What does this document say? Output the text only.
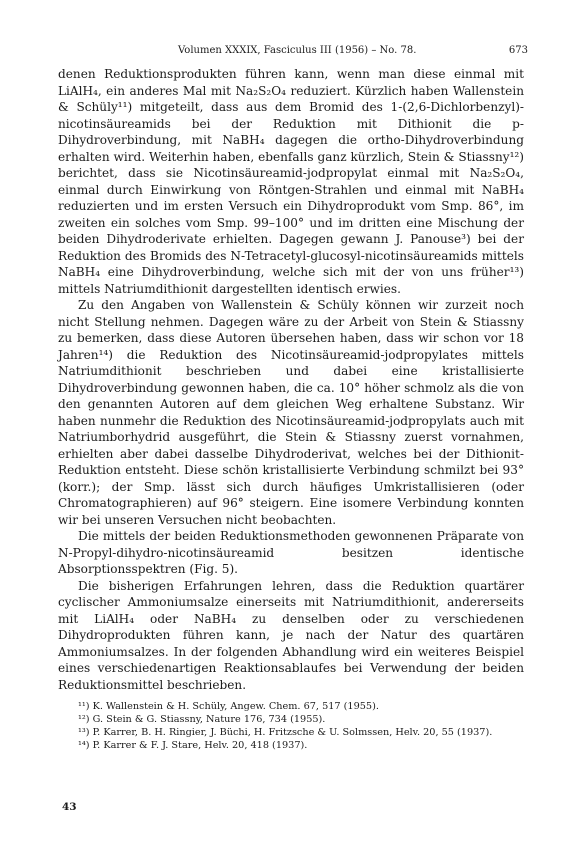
Volumen XXXIX, Fasciculus III (1956) – No. 78.	673

denen Reduktionsprodukten führen kann, wenn man diese einmal mit LiAlH₄, ein anderes Mal mit Na₂S₂O₄ reduziert. Kürzlich haben Wallenstein & Schüly¹¹) mitgeteilt, dass aus dem Bromid des 1-(2,6-Dichlorbenzyl)-nicotinsäureamids bei der Reduktion mit Dithionit die p-Dihydroverbindung, mit NaBH₄ dagegen die ortho-Dihydroverbindung erhalten wird. Weiterhin haben, ebenfalls ganz kürzlich, Stein & Stiassny¹²) berichtet, dass sie Nicotinsäureamid-jodpropylat einmal mit Na₂S₂O₄, einmal durch Einwirkung von Röntgen-Strahlen und einmal mit NaBH₄ reduzierten und im ersten Versuch ein Dihydroprodukt vom Smp. 86°, im zweiten ein solches vom Smp. 99–100° und im dritten eine Mischung der beiden Dihydroderivate erhielten. Dagegen gewann J. Panouse³) bei der Reduktion des Bromids des N-Tetracetyl-glucosyl-nicotinsäureamids mittels NaBH₄ eine Dihydroverbindung, welche sich mit der von uns früher¹³) mittels Natriumdithionit dargestellten identisch erwies.

Zu den Angaben von Wallenstein & Schüly können wir zurzeit noch nicht Stellung nehmen. Dagegen wäre zu der Arbeit von Stein & Stiassny zu bemerken, dass diese Autoren übersehen haben, dass wir schon vor 18 Jahren¹⁴) die Reduktion des Nicotinsäureamid-jodpropylates mittels Natriumdithionit beschrieben und dabei eine kristallisierte Dihydroverbindung gewonnen haben, die ca. 10° höher schmolz als die von den genannten Autoren auf dem gleichen Weg erhaltene Substanz. Wir haben nunmehr die Reduktion des Nicotinsäureamid-jodpropylats auch mit Natriumborhydrid ausgeführt, die Stein & Stiassny zuerst vornahmen, erhielten aber dabei dasselbe Dihydroderivat, welches bei der Dithionit-Reduktion entsteht. Diese schön kristallisierte Verbindung schmilzt bei 93° (korr.); der Smp. lässt sich durch häufiges Umkristallisieren (oder Chromatographieren) auf 96° steigern. Eine isomere Verbindung konnten wir bei unseren Versuchen nicht beobachten.

Die mittels der beiden Reduktionsmethoden gewonnenen Präparate von N-Propyl-dihydro-nicotinsäureamid besitzen identische Absorptionsspektren (Fig. 5).

Die bisherigen Erfahrungen lehren, dass die Reduktion quartärer cyclischer Ammoniumsalze einerseits mit Natriumdithionit, andererseits mit LiAlH₄ oder NaBH₄ zu denselben oder zu verschiedenen Dihydroprodukten führen kann, je nach der Natur des quartären Ammoniumsalzes. In der folgenden Abhandlung wird ein weiteres Beispiel eines verschiedenartigen Reaktionsablaufes bei Verwendung der beiden Reduktionsmittel beschrieben.

¹¹) K. Wallenstein & H. Schüly, Angew. Chem. 67, 517 (1955).
¹²) G. Stein & G. Stiassny, Nature 176, 734 (1955).
¹³) P. Karrer, B. H. Ringier, J. Büchi, H. Fritzsche & U. Solmssen, Helv. 20, 55 (1937).
¹⁴) P. Karrer & F. J. Stare, Helv. 20, 418 (1937).
43
